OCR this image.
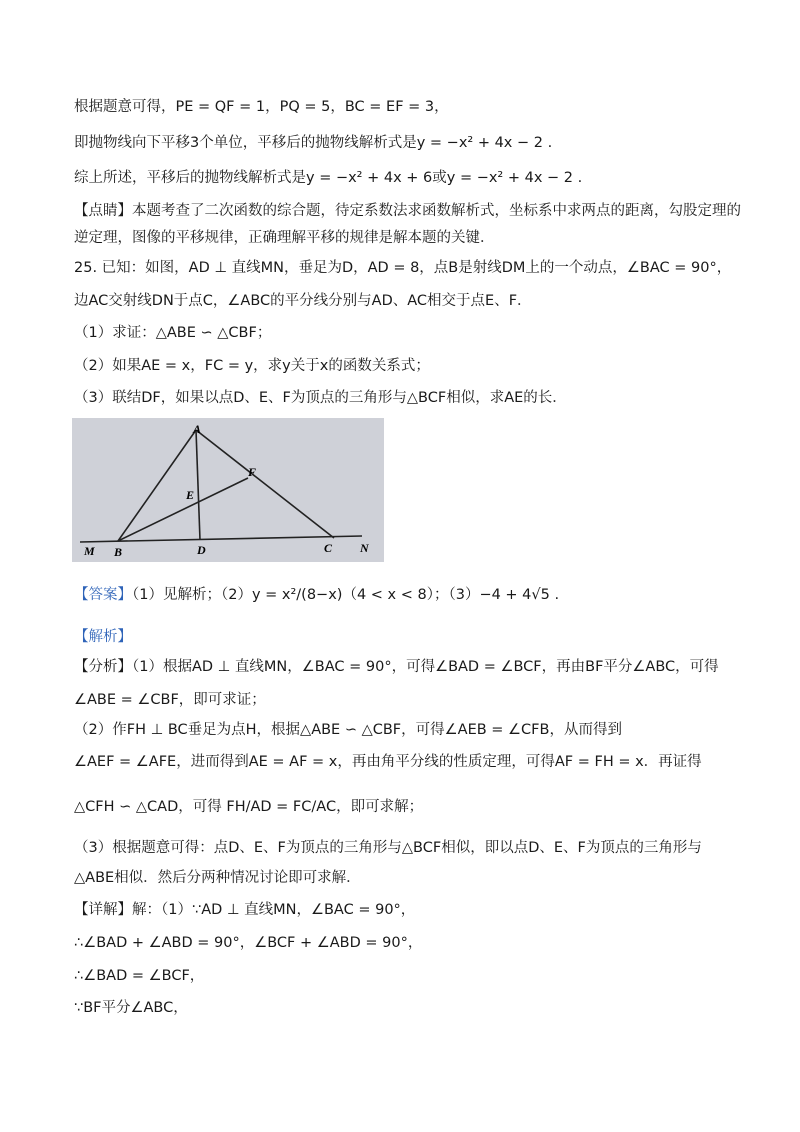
根据题意可得，PE = QF = 1，PQ = 5，BC = EF = 3，
即抛物线向下平移3个单位，平移后的抛物线解析式是y = −x² + 4x − 2 .
综上所述，平移后的抛物线解析式是y = −x² + 4x + 6或y = −x² + 4x − 2 .
【点睛】本题考查了二次函数的综合题，待定系数法求函数解析式，坐标系中求两点的距离，勾股定理的
逆定理，图像的平移规律，正确理解平移的规律是解本题的关键．
25. 已知：如图，AD ⊥ 直线MN，垂足为D，AD = 8，点B是射线DM上的一个动点，∠BAC = 90°，
边AC交射线DN于点C，∠ABC的平分线分别与AD、AC相交于点E、F．
（1）求证：△ABE ∽ △CBF；
（2）如果AE = x，FC = y，求y关于x的函数关系式；
（3）联结DF，如果以点D、E、F为顶点的三角形与△BCF相似，求AE的长．
A
F
E
M B	D	C N
【答案】（1）见解析；（2）y = x²/(8−x)（4 < x < 8）；（3）−4 + 4√5 .
【解析】
【分析】（1）根据AD ⊥ 直线MN，∠BAC = 90°，可得∠BAD = ∠BCF，再由BF平分∠ABC，可得
∠ABE = ∠CBF，即可求证；
（2）作FH ⊥ BC垂足为点H，根据△ABE ∽ △CBF，可得∠AEB = ∠CFB，从而得到
∠AEF = ∠AFE，进而得到AE = AF = x，再由角平分线的性质定理，可得AF = FH = x．再证得
△CFH ∽ △CAD，可得 FH/AD = FC/AC，即可求解；
（3）根据题意可得：点D、E、F为顶点的三角形与△BCF相似，即以点D、E、F为顶点的三角形与
△ABE相似．然后分两种情况讨论即可求解．
【详解】解：（1）∵AD ⊥ 直线MN，∠BAC = 90°，
∴∠BAD + ∠ABD = 90°，∠BCF + ∠ABD = 90°，
∴∠BAD = ∠BCF，
∵BF平分∠ABC，
